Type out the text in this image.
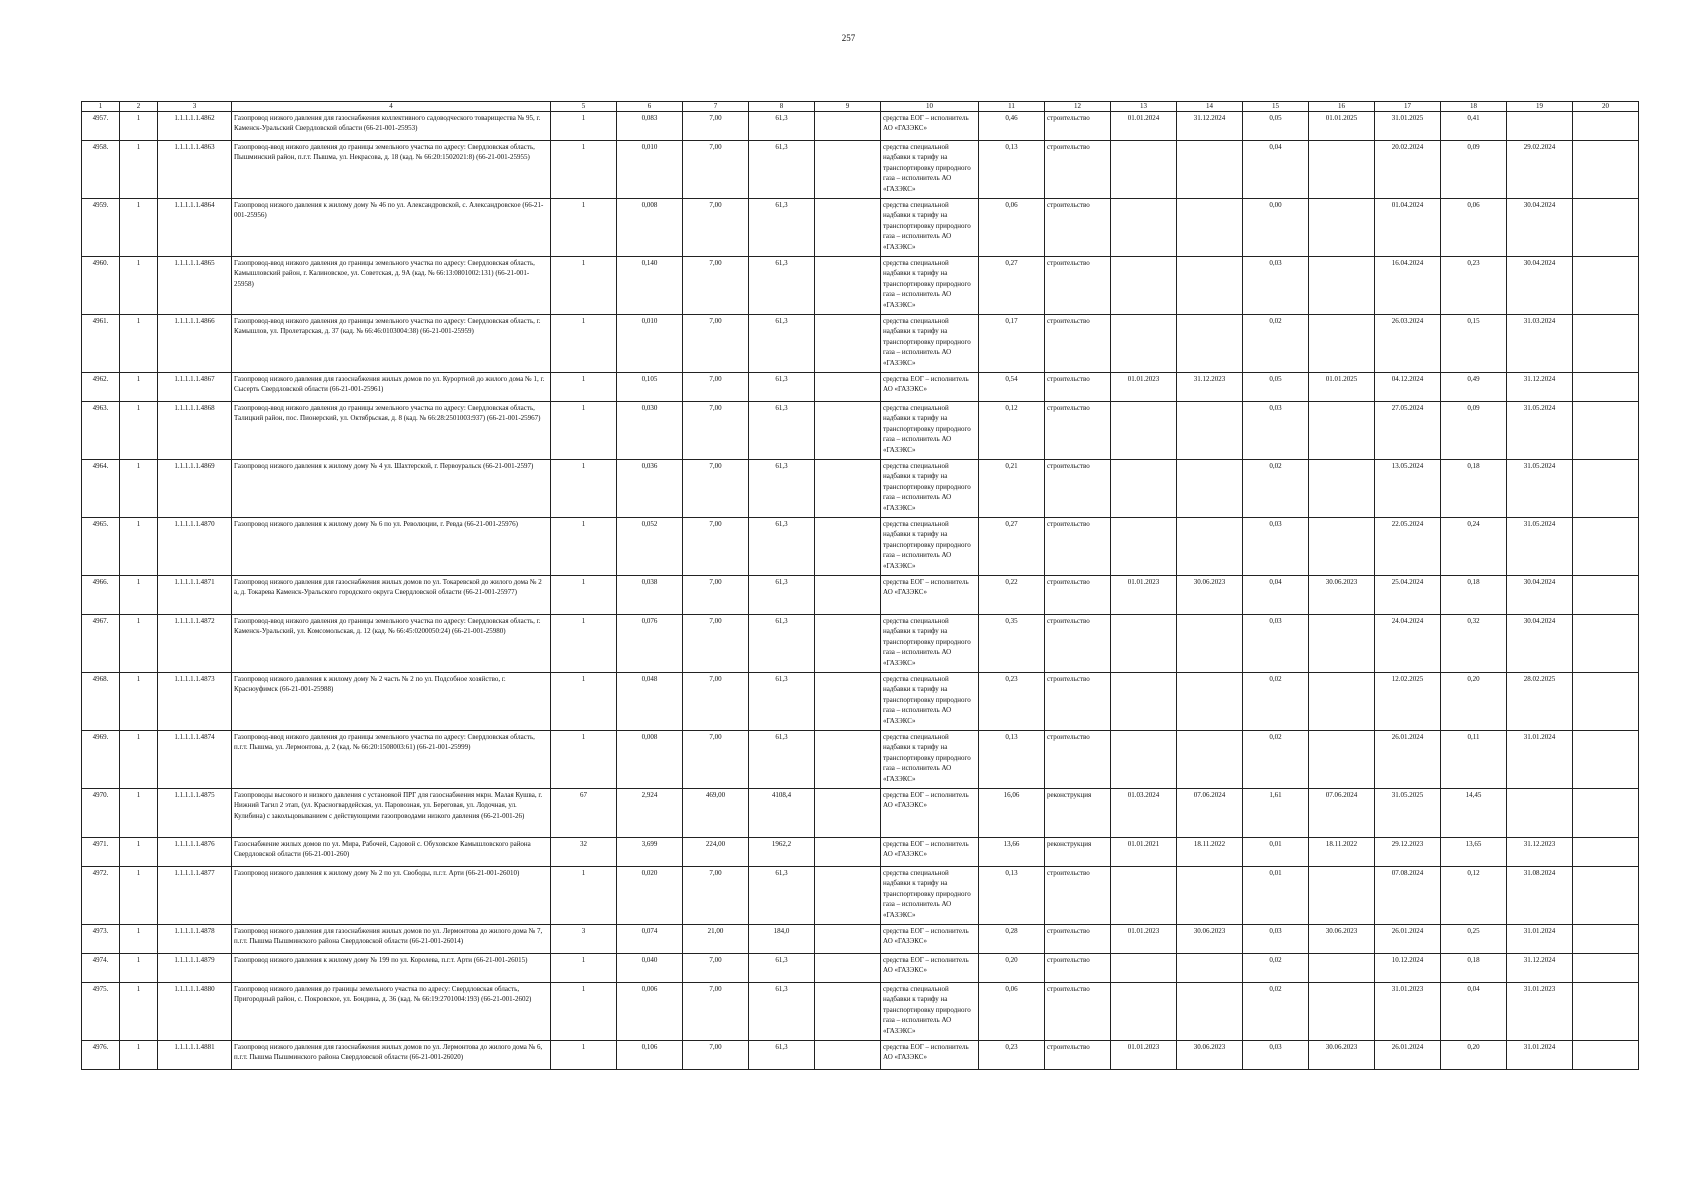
257
1	2	3	4	5	6	7	8	9	10	11	12	13	14	15	16	17	18	19	20
4957.	1	1.1.1.1.1.4862	Газопровод низкого давления для газоснабжения коллективного садоводческого товарищества № 95, г. Каменск-Уральский Свердловской области (66-21-001-25953)	1	0,083	7,00	61,3		средства ЕОГ – исполнитель АО «ГАЗЭКС»	0,46	строительство	01.01.2024	31.12.2024	0,05	01.01.2025	31.01.2025	0,41		
4958.	1	1.1.1.1.1.4863	Газопровод-ввод низкого давления до границы земельного участка по адресу: Свердловская область, Пышминский район, п.г.т. Пышма, ул. Некрасова, д. 18 (кад. № 66:20:1502021:8) (66-21-001-25955)	1	0,010	7,00	61,3		средства специальной надбавки к тарифу на транспортировку природного газа – исполнитель АО «ГАЗЭКС»	0,13	строительство			0,04		20.02.2024	0,09	29.02.2024	
4959.	1	1.1.1.1.1.4864	Газопровод низкого давления к жилому дому № 46 по ул. Александровской, с. Александровское (66-21-001-25956)	1	0,008	7,00	61,3		средства специальной надбавки к тарифу на транспортировку природного газа – исполнитель АО «ГАЗЭКС»	0,06	строительство			0,00		01.04.2024	0,06	30.04.2024	
4960.	1	1.1.1.1.1.4865	Газопровод-ввод низкого давления до границы земельного участка по адресу: Свердловская область, Камышловский район, г. Калиновское, ул. Советская, д. 9А (кад. № 66:13:0801002:131) (66-21-001-25958)	1	0,140	7,00	61,3		средства специальной надбавки к тарифу на транспортировку природного газа – исполнитель АО «ГАЗЭКС»	0,27	строительство			0,03		16.04.2024	0,23	30.04.2024	
4961.	1	1.1.1.1.1.4866	Газопровод-ввод низкого давления до границы земельного участка по адресу: Свердловская область, г. Камышлов, ул. Пролетарская, д. 37 (кад. № 66:46:0103004:38) (66-21-001-25959)	1	0,010	7,00	61,3		средства специальной надбавки к тарифу на транспортировку природного газа – исполнитель АО «ГАЗЭКС»	0,17	строительство			0,02		26.03.2024	0,15	31.03.2024	
4962.	1	1.1.1.1.1.4867	Газопровод низкого давления для газоснабжения жилых домов по ул. Курортной до жилого дома № 1, г. Сысерть Свердловской области (66-21-001-25961)	1	0,105	7,00	61,3		средства ЕОГ – исполнитель АО «ГАЗЭКС»	0,54	строительство	01.01.2023	31.12.2023	0,05	01.01.2025	04.12.2024	0,49	31.12.2024	
4963.	1	1.1.1.1.1.4868	Газопровод-ввод низкого давления до границы земельного участка по адресу: Свердловская область, Талицкий район, пос. Пионерский, ул. Октябрьская, д. 8 (кад. № 66:28:2501003:937) (66-21-001-25967)	1	0,030	7,00	61,3		средства специальной надбавки к тарифу на транспортировку природного газа – исполнитель АО «ГАЗЭКС»	0,12	строительство			0,03		27.05.2024	0,09	31.05.2024	
4964.	1	1.1.1.1.1.4869	Газопровод низкого давления к жилому дому № 4 ул. Шахтерской, г. Первоуральск (66-21-001-2597)	1	0,036	7,00	61,3		средства специальной надбавки к тарифу на транспортировку природного газа – исполнитель АО «ГАЗЭКС»	0,21	строительство			0,02		13.05.2024	0,18	31.05.2024	
4965.	1	1.1.1.1.1.4870	Газопровод низкого давления к жилому дому № 6 по ул. Революции, г. Ревда (66-21-001-25976)	1	0,052	7,00	61,3		средства специальной надбавки к тарифу на транспортировку природного газа – исполнитель АО «ГАЗЭКС»	0,27	строительство			0,03		22.05.2024	0,24	31.05.2024	
4966.	1	1.1.1.1.1.4871	Газопровод низкого давления для газоснабжения жилых домов по ул. Токаревской до жилого дома № 2 а, д. Токарева Каменск-Уральского городского округа Свердловской области (66-21-001-25977)	1	0,038	7,00	61,3		средства ЕОГ – исполнитель АО «ГАЗЭКС»	0,22	строительство	01.01.2023	30.06.2023	0,04	30.06.2023	25.04.2024	0,18	30.04.2024	
4967.	1	1.1.1.1.1.4872	Газопровод-ввод низкого давления до границы земельного участка по адресу: Свердловская область, г. Каменск-Уральский, ул. Комсомольская, д. 12 (кад. № 66:45:0200050:24) (66-21-001-25980)	1	0,076	7,00	61,3		средства специальной надбавки к тарифу на транспортировку природного газа – исполнитель АО «ГАЗЭКС»	0,35	строительство			0,03		24.04.2024	0,32	30.04.2024	
4968.	1	1.1.1.1.1.4873	Газопровод низкого давления к жилому дому № 2 часть № 2 по ул. Подсобное хозяйство, г. Красноуфимск (66-21-001-25988)	1	0,048	7,00	61,3		средства специальной надбавки к тарифу на транспортировку природного газа – исполнитель АО «ГАЗЭКС»	0,23	строительство			0,02		12.02.2025	0,20	28.02.2025	
4969.	1	1.1.1.1.1.4874	Газопровод-ввод низкого давления до границы земельного участка по адресу: Свердловская область, п.г.т. Пышма, ул. Лермонтова, д. 2 (кад. № 66:20:1508003:61) (66-21-001-25999)	1	0,008	7,00	61,3		средства специальной надбавки к тарифу на транспортировку природного газа – исполнитель АО «ГАЗЭКС»	0,13	строительство			0,02		26.01.2024	0,11	31.01.2024	
4970.	1	1.1.1.1.1.4875	Газопроводы высокого и низкого давления с установкой ПРГ для газоснабжения мкрн. Малая Кушва, г. Нижний Тагил 2 этап, (ул. Красногвардейская, ул. Паровозная, ул. Береговая, ул. Лодочная, ул. Кулибина) с закольцовыванием с действующими газопроводами низкого давления (66-21-001-26)	67	2,924	469,00	4108,4		средства ЕОГ – исполнитель АО «ГАЗЭКС»	16,06	реконструкция	01.03.2024	07.06.2024	1,61	07.06.2024	31.05.2025	14,45		
4971.	1	1.1.1.1.1.4876	Газоснабжение жилых домов по ул. Мира, Рабочей, Садовой с. Обуховское Камышловского района Свердловской области (66-21-001-260)	32	3,699	224,00	1962,2		средства ЕОГ – исполнитель АО «ГАЗЭКС»	13,66	реконструкция	01.01.2021	18.11.2022	0,01	18.11.2022	29.12.2023	13,65	31.12.2023	
4972.	1	1.1.1.1.1.4877	Газопровод низкого давления к жилому дому № 2 по ул. Свободы, п.г.т. Арти (66-21-001-26010)	1	0,020	7,00	61,3		средства специальной надбавки к тарифу на транспортировку природного газа – исполнитель АО «ГАЗЭКС»	0,13	строительство			0,01		07.08.2024	0,12	31.08.2024	
4973.	1	1.1.1.1.1.4878	Газопровод низкого давления для газоснабжения жилых домов по ул. Лермонтова до жилого дома № 7, п.г.т. Пышма Пышминского района Свердловской области (66-21-001-26014)	3	0,074	21,00	184,0		средства ЕОГ – исполнитель АО «ГАЗЭКС»	0,28	строительство	01.01.2023	30.06.2023	0,03	30.06.2023	26.01.2024	0,25	31.01.2024	
4974.	1	1.1.1.1.1.4879	Газопровод низкого давления к жилому дому № 199 по ул. Королева, п.г.т. Арти (66-21-001-26015)	1	0,040	7,00	61,3		средства ЕОГ – исполнитель АО «ГАЗЭКС»	0,20	строительство			0,02		10.12.2024	0,18	31.12.2024	
4975.	1	1.1.1.1.1.4880	Газопровод низкого давления до границы земельного участка по адресу: Свердловская область, Пригородный район, с. Покровское, ул. Бондина, д. 36 (кад. № 66:19:2701004:193) (66-21-001-2602)	1	0,006	7,00	61,3		средства специальной надбавки к тарифу на транспортировку природного газа – исполнитель АО «ГАЗЭКС»	0,06	строительство			0,02		31.01.2023	0,04	31.01.2023	
4976.	1	1.1.1.1.1.4881	Газопровод низкого давления для газоснабжения жилых домов по ул. Лермонтова до жилого дома № 6, п.г.т. Пышма Пышминского района Свердловской области (66-21-001-26020)	1	0,106	7,00	61,3		средства ЕОГ – исполнитель АО «ГАЗЭКС»	0,23	строительство	01.01.2023	30.06.2023	0,03	30.06.2023	26.01.2024	0,20	31.01.2024	
